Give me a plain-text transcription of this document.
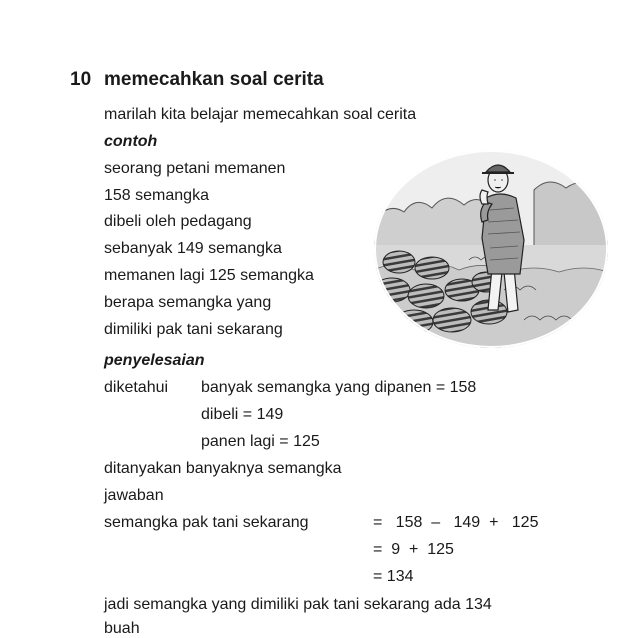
10 memecahkan soal cerita
marilah kita belajar memecahkan soal cerita
contoh
seorang petani memanen
158 semangka
dibeli oleh pedagang
sebanyak 149 semangka
memanen lagi 125 semangka
berapa semangka yang
dimiliki pak tani sekarang
penyelesaian
diketahui banyak semangka yang dipanen = 158
dibeli = 149
panen lagi = 125
ditanyakan banyaknya semangka
jawaban
semangka pak tani sekarang	=   158  –   149  +   125
=  9  +  125
= 134
jadi semangka yang dimiliki pak tani sekarang ada 134
buah
